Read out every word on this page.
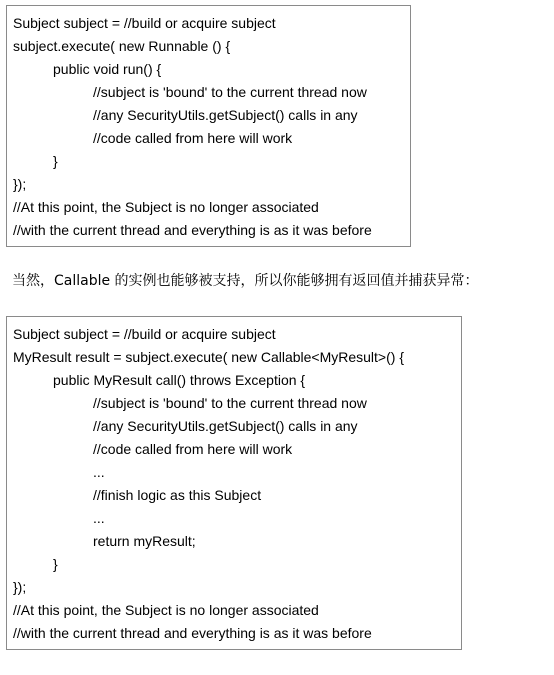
Subject subject = //build or acquire subject
subject.execute( new Runnable () {
public void run() {
//subject is 'bound' to the current thread now
//any SecurityUtils.getSubject() calls in any
//code called from here will work
}
});
//At this point, the Subject is no longer associated
//with the current thread and everything is as it was before
当然，Callable 的实例也能够被支持，所以你能够拥有返回值并捕获异常：
Subject subject = //build or acquire subject
MyResult result = subject.execute( new Callable<MyResult>() {
public MyResult call() throws Exception {
//subject is 'bound' to the current thread now
//any SecurityUtils.getSubject() calls in any
//code called from here will work
...
//finish logic as this Subject
...
return myResult;
}
});
//At this point, the Subject is no longer associated
//with the current thread and everything is as it was before
